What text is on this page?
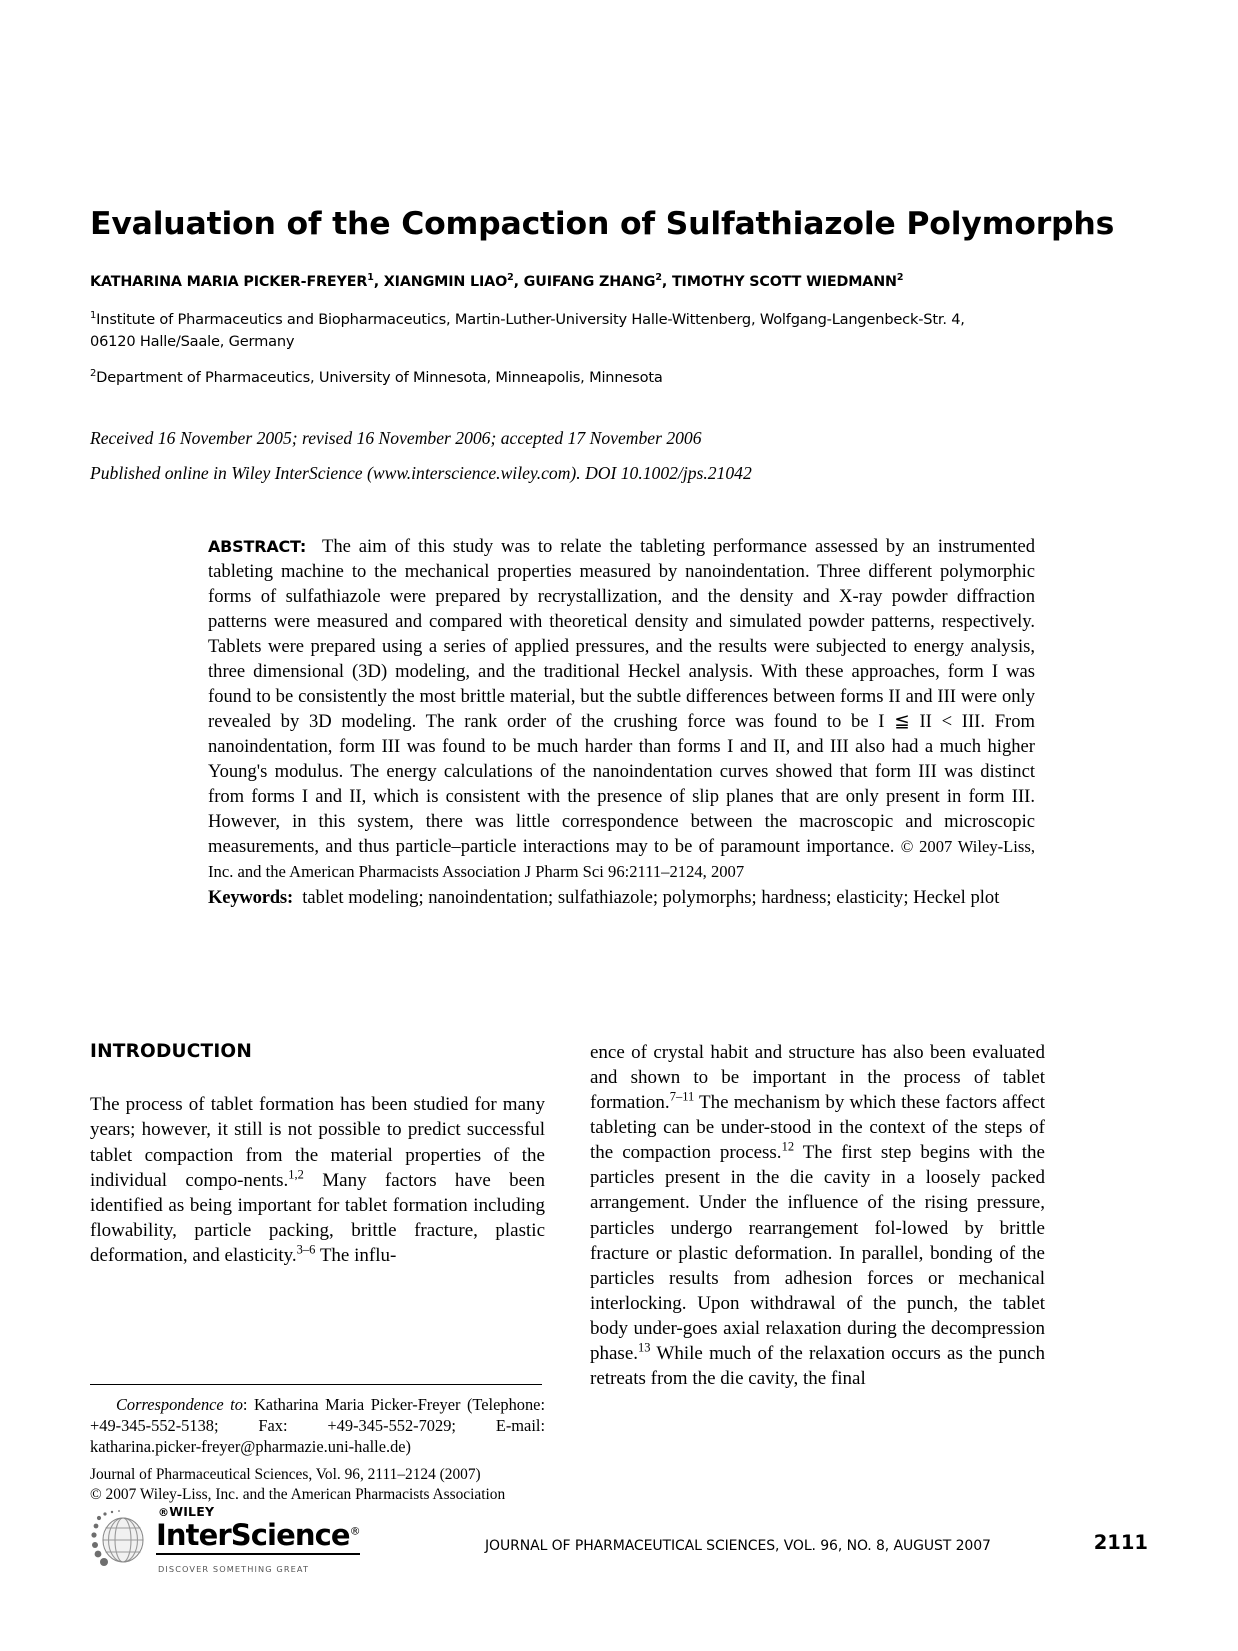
Evaluation of the Compaction of Sulfathiazole Polymorphs
KATHARINA MARIA PICKER-FREYER$^1$, XIANGMIN LIAO$^2$, GUIFANG ZHANG$^2$, TIMOTHY SCOTT WIEDMANN$^2$
$^1$Institute of Pharmaceutics and Biopharmaceutics, Martin-Luther-University Halle-Wittenberg, Wolfgang-Langenbeck-Str. 4, 06120 Halle/Saale, Germany
$^2$Department of Pharmaceutics, University of Minnesota, Minneapolis, Minnesota
Received 16 November 2005; revised 16 November 2006; accepted 17 November 2006
Published online in Wiley InterScience (www.interscience.wiley.com). DOI 10.1002/jps.21042
ABSTRACT: The aim of this study was to relate the tableting performance assessed by an instrumented tableting machine to the mechanical properties measured by nanoindentation. Three different polymorphic forms of sulfathiazole were prepared by recrystallization, and the density and X-ray powder diffraction patterns were measured and compared with theoretical density and simulated powder patterns, respectively. Tablets were prepared using a series of applied pressures, and the results were subjected to energy analysis, three dimensional (3D) modeling, and the traditional Heckel analysis. With these approaches, form I was found to be consistently the most brittle material, but the subtle differences between forms II and III were only revealed by 3D modeling. The rank order of the crushing force was found to be I ≦ II < III. From nanoindentation, form III was found to be much harder than forms I and II, and III also had a much higher Young's modulus. The energy calculations of the nanoindentation curves showed that form III was distinct from forms I and II, which is consistent with the presence of slip planes that are only present in form III. However, in this system, there was little correspondence between the macroscopic and microscopic measurements, and thus particle–particle interactions may to be of paramount importance. © 2007 Wiley-Liss, Inc. and the American Pharmacists Association J Pharm Sci 96:2111–2124, 2007
Keywords: tablet modeling; nanoindentation; sulfathiazole; polymorphs; hardness; elasticity; Heckel plot
INTRODUCTION

The process of tablet formation has been studied for many years; however, it still is not possible to predict successful tablet compaction from the material properties of the individual compo-nents.$^{1,2}$ Many factors have been identified as being important for tablet formation including flowability, particle packing, brittle fracture, plastic deformation, and elasticity.$^{3-6}$ The influ-

ence of crystal habit and structure has also been evaluated and shown to be important in the process of tablet formation.$^{7-11}$ The mechanism by which these factors affect tableting can be under-stood in the context of the steps of the compaction process.$^{12}$ The first step begins with the particles present in the die cavity in a loosely packed arrangement. Under the influence of the rising pressure, particles undergo rearrangement fol-lowed by brittle fracture or plastic deformation. In parallel, bonding of the particles results from adhesion forces or mechanical interlocking. Upon withdrawal of the punch, the tablet body under-goes axial relaxation during the decompression phase.$^{13}$ While much of the relaxation occurs as the punch retreats from the die cavity, the final

Correspondence to: Katharina Maria Picker-Freyer (Telephone: +49-345-552-5138; Fax: +49-345-552-7029; E-mail: katharina.picker-freyer@pharmazie.uni-halle.de)

Journal of Pharmaceutical Sciences, Vol. 96, 2111–2124 (2007)
© 2007 Wiley-Liss, Inc. and the American Pharmacists Association
®WILEY
InterScience®
DISCOVER SOMETHING GREAT
JOURNAL OF PHARMACEUTICAL SCIENCES, VOL. 96, NO. 8, AUGUST 2007	2111
